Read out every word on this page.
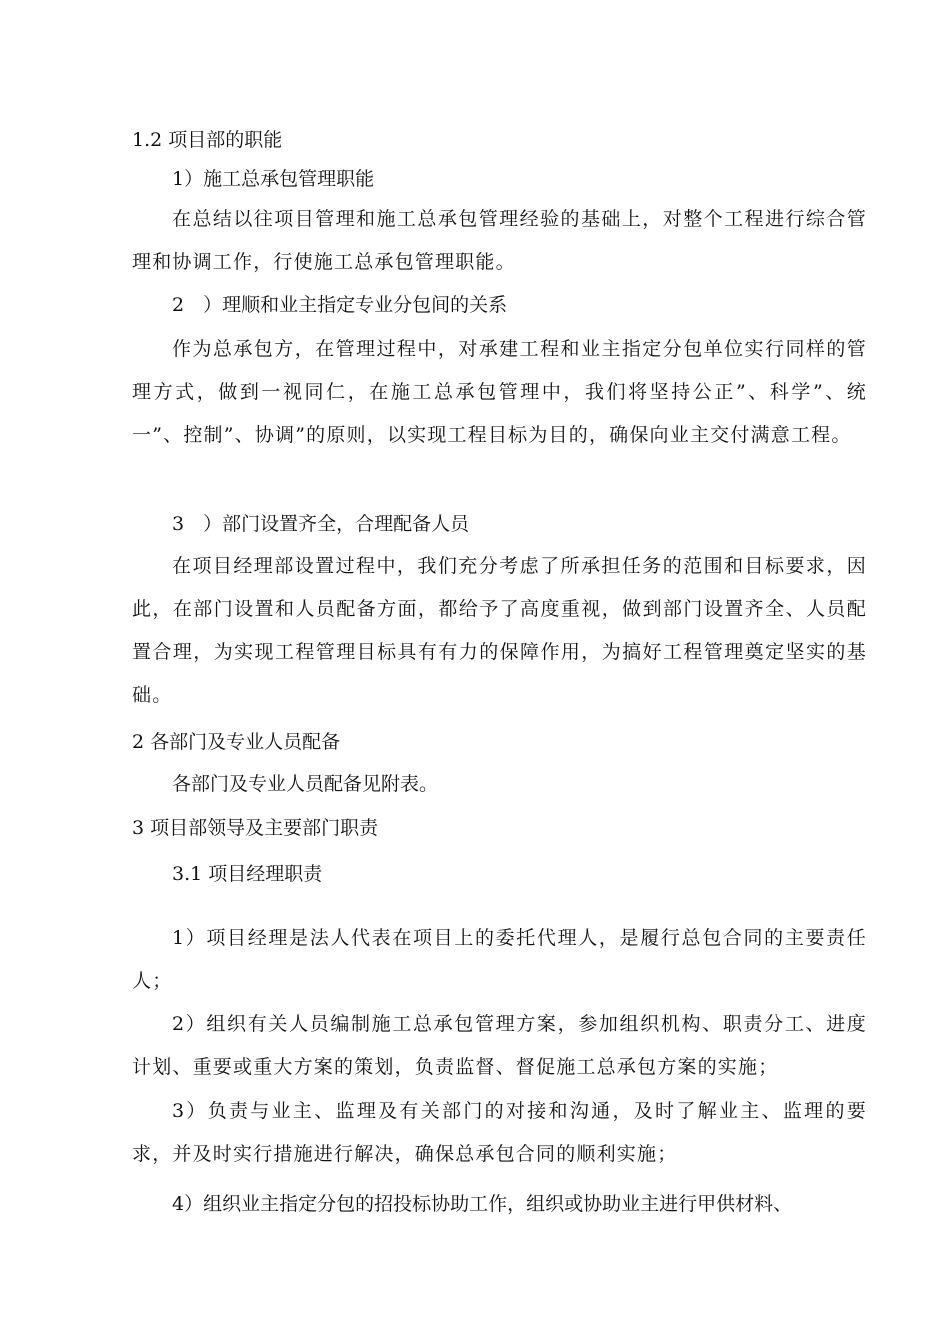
1.2 项目部的职能

1）施工总承包管理职能

在总结以往项目管理和施工总承包管理经验的基础上，对整个工程进行综合管理和协调工作，行使施工总承包管理职能。

2　）理顺和业主指定专业分包间的关系

作为总承包方，在管理过程中，对承建工程和业主指定分包单位实行同样的管理方式，做到一视同仁，在施工总承包管理中，我们将坚持公正”、科学”、统一”、控制”、协调”的原则，以实现工程目标为目的，确保向业主交付满意工程。

3　）部门设置齐全，合理配备人员

在项目经理部设置过程中，我们充分考虑了所承担任务的范围和目标要求，因此，在部门设置和人员配备方面，都给予了高度重视，做到部门设置齐全、人员配置合理，为实现工程管理目标具有有力的保障作用，为搞好工程管理奠定坚实的基础。

2 各部门及专业人员配备

各部门及专业人员配备见附表。

3 项目部领导及主要部门职责

3.1 项目经理职责

1）项目经理是法人代表在项目上的委托代理人，是履行总包合同的主要责任人；

2）组织有关人员编制施工总承包管理方案，参加组织机构、职责分工、进度计划、重要或重大方案的策划，负责监督、督促施工总承包方案的实施；

3）负责与业主、监理及有关部门的对接和沟通，及时了解业主、监理的要求，并及时实行措施进行解决，确保总承包合同的顺利实施；

4）组织业主指定分包的招投标协助工作，组织或协助业主进行甲供材料、
